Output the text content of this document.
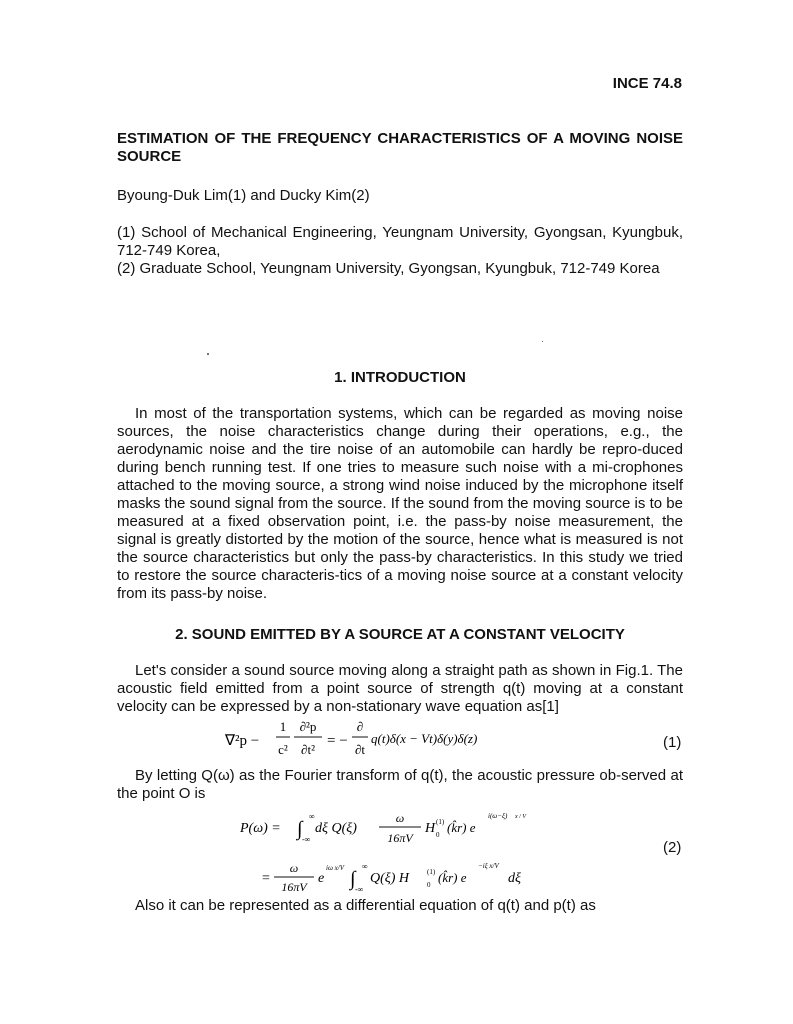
INCE 74.8
ESTIMATION OF THE FREQUENCY CHARACTERISTICS OF A MOVING NOISE SOURCE
Byoung-Duk Lim(1) and Ducky Kim(2)
(1) School of Mechanical Engineering, Yeungnam University, Gyongsan, Kyungbuk, 712-749 Korea,
(2) Graduate School, Yeungnam University, Gyongsan, Kyungbuk, 712-749 Korea
1. INTRODUCTION
In most of the transportation systems, which can be regarded as moving noise sources, the noise characteristics change during their operations, e.g., the aerodynamic noise and the tire noise of an automobile can hardly be repro-duced during bench running test. If one tries to measure such noise with a mi-crophones attached to the moving source, a strong wind noise induced by the microphone itself masks the sound signal from the source. If the sound from the moving source is to be measured at a fixed observation point, i.e. the pass-by noise measurement, the signal is greatly distorted by the motion of the source, hence what is measured is not the source characteristics but only the pass-by characteristics. In this study we tried to restore the source characteris-tics of a moving noise source at a constant velocity from its pass-by noise.
2. SOUND EMITTED BY A SOURCE AT A CONSTANT VELOCITY
Let's consider a sound source moving along a straight path as shown in Fig.1. The acoustic field emitted from a point source of strength q(t) moving at a constant velocity can be expressed by a non-stationary wave equation as[1]
∇²p −
1
c²
∂²p
∂t²
= −
∂
∂t
q(t)δ(x − Vt)δ(y)δ(z)	(1)
By letting Q(ω) as the Fourier transform of q(t), the acoustic pressure ob-served at the point O is
P(ω) = ∫
∞
-∞
dξ Q(ξ)
ω
16πV
H (1)
0 (k̂r) e
i(ω−ξ) x / V
=
ω
16πV
e
iω x/V ∫
∞
-∞
Q(ξ) H	(1)
0 (k̂r) e
−iξ x/V
dξ
(2)
Also it can be represented as a differential equation of q(t) and p(t) as
